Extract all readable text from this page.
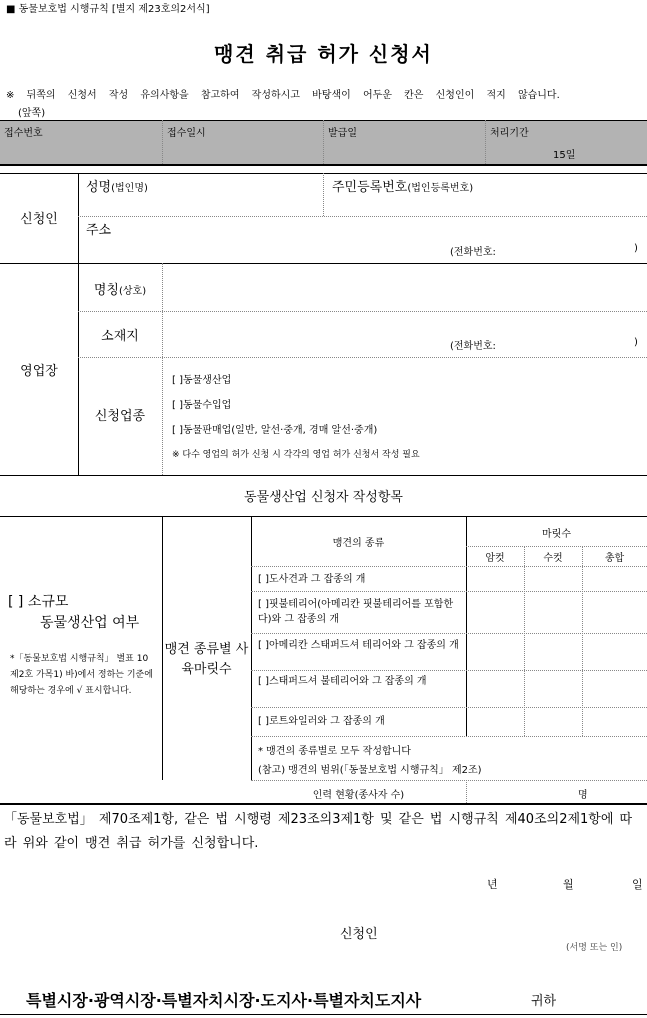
■ 동물보호법 시행규칙 [별지 제23호의2서식]
맹견 취급 허가 신청서
※ 뒤쪽의 신청서 작성 유의사항을 참고하여 작성하시고 바탕색이 어두운 칸은 신청인이 적지 않습니다.
(앞쪽)
접수번호	접수일시	발급일	처리기간
15일
신청인
성명(법인명)	주민등록번호(법인등록번호)
주소
(전화번호:	)
영업장
명칭(상호)
소재지
(전화번호:	)
신청업종
[ ]동물생산업
[ ]동물수입업
[ ]동물판매업(일반, 알선·중개, 경매 알선·중개)
※ 다수 영업의 허가 신청 시 각각의 영업 허가 신청서 작성 필요
동물생산업 신청자 작성항목
[ ] 소규모
동물생산업 여부
*「동물보호법 시행규칙」 별표 10 제2호 가목1) 바)에서 정하는 기준에 해당하는 경우에 √ 표시합니다.
맹견 종류별 사육마릿수
맹견의 종류
마릿수
암컷	수컷	총합
[ ]도사견과 그 잡종의 개
[ ]핏불테리어(아메리칸 핏불테리어를 포함한다)와 그 잡종의 개
[ ]아메리칸 스태퍼드셔 테리어와 그 잡종의 개
[ ]스태퍼드셔 불테리어와 그 잡종의 개
[ ]로트와일러와 그 잡종의 개
* 맹견의 종류별로 모두 작성합니다
(참고) 맹견의 범위(「동물보호법 시행규칙」 제2조)
인력 현황(종사자 수)	명
「동물보호법」 제70조제1항, 같은 법 시행령 제23조의3제1항 및 같은 법 시행규칙 제40조의2제1항에 따라 위와 같이 맹견 취급 허가를 신청합니다.
년	월	일
신청인
(서명 또는 인)
특별시장·광역시장·특별자치시장·도지사·특별자치도지사	귀하
